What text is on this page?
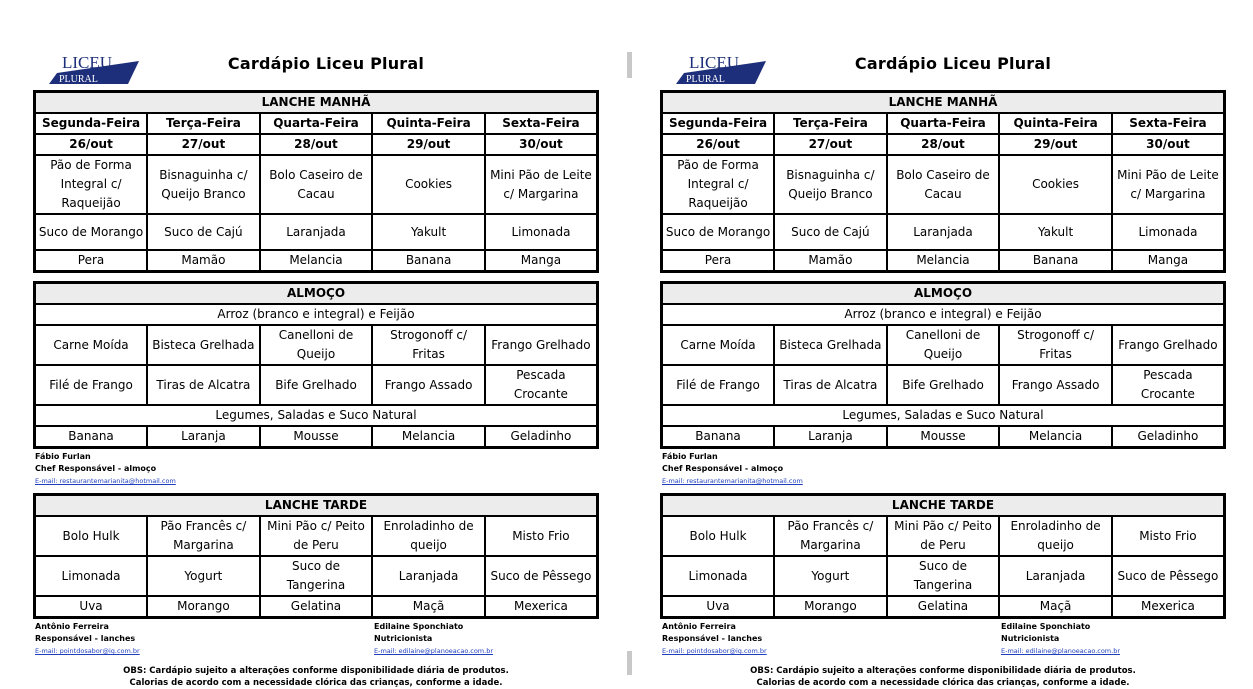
LICEU
PLURAL
Cardápio Liceu Plural
LANCHE MANHÃ				
Segunda-Feira	Terça-Feira	Quarta-Feira	Quinta-Feira	Sexta-Feira
26/out	27/out	28/out	29/out	30/out
Pão de Forma Integral c/ Raqueijão	Bisnaguinha c/ Queijo Branco	Bolo Caseiro de Cacau	Cookies	Mini Pão de Leite c/ Margarina
Suco de Morango	Suco de Cajú	Laranjada	Yakult	Limonada
Pera	Mamão	Melancia	Banana	Manga
ALMOÇO				
Arroz (branco e integral) e Feijão				
Carne Moída	Bisteca Grelhada	Canelloni de Queijo	Strogonoff c/ Fritas	Frango Grelhado
Filé de Frango	Tiras de Alcatra	Bife Grelhado	Frango Assado	Pescada Crocante
Legumes, Saladas e Suco Natural				
Banana	Laranja	Mousse	Melancia	Geladinho
Fábio Furlan
Chef Responsável - almoço
E-mail: restaurantemarianita@hotmail.com
LANCHE TARDE				
Bolo Hulk	Pão Francês c/ Margarina	Mini Pão c/ Peito de Peru	Enroladinho de queijo	Misto Frio
Limonada	Yogurt	Suco de Tangerina	Laranjada	Suco de Pêssego
Uva	Morango	Gelatina	Maçã	Mexerica
Antônio Ferreira
Responsável - lanches
E-mail: pointdosabor@ig.com.br
Edilaine Sponchiato
Nutricionista
E-mail: edilaine@planoeacao.com.br
OBS: Cardápio sujeito a alterações conforme disponibilidade diária de produtos.
Calorias de acordo com a necessidade clórica das crianças, conforme a idade.
LICEU
PLURAL
Cardápio Liceu Plural
LANCHE MANHÃ				
Segunda-Feira	Terça-Feira	Quarta-Feira	Quinta-Feira	Sexta-Feira
26/out	27/out	28/out	29/out	30/out
Pão de Forma Integral c/ Raqueijão	Bisnaguinha c/ Queijo Branco	Bolo Caseiro de Cacau	Cookies	Mini Pão de Leite c/ Margarina
Suco de Morango	Suco de Cajú	Laranjada	Yakult	Limonada
Pera	Mamão	Melancia	Banana	Manga
ALMOÇO				
Arroz (branco e integral) e Feijão				
Carne Moída	Bisteca Grelhada	Canelloni de Queijo	Strogonoff c/ Fritas	Frango Grelhado
Filé de Frango	Tiras de Alcatra	Bife Grelhado	Frango Assado	Pescada Crocante
Legumes, Saladas e Suco Natural				
Banana	Laranja	Mousse	Melancia	Geladinho
Fábio Furlan
Chef Responsável - almoço
E-mail: restaurantemarianita@hotmail.com
LANCHE TARDE				
Bolo Hulk	Pão Francês c/ Margarina	Mini Pão c/ Peito de Peru	Enroladinho de queijo	Misto Frio
Limonada	Yogurt	Suco de Tangerina	Laranjada	Suco de Pêssego
Uva	Morango	Gelatina	Maçã	Mexerica
Antônio Ferreira
Responsável - lanches
E-mail: pointdosabor@ig.com.br
Edilaine Sponchiato
Nutricionista
E-mail: edilaine@planoeacao.com.br
OBS: Cardápio sujeito a alterações conforme disponibilidade diária de produtos.
Calorias de acordo com a necessidade clórica das crianças, conforme a idade.
